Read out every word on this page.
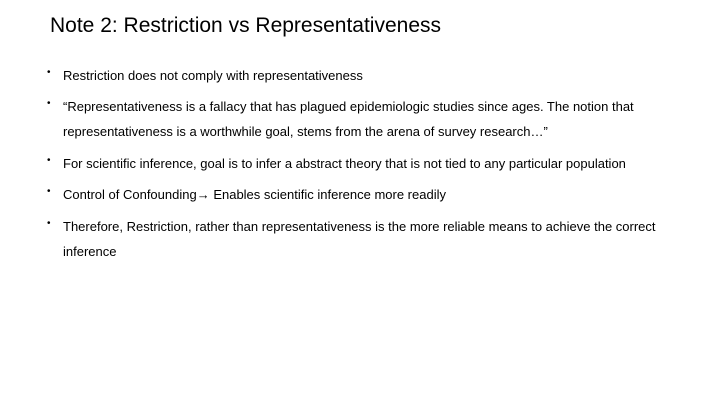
Note 2: Restriction vs Representativeness
• Restriction does not comply with representativeness
• “Representativeness is a fallacy that has plagued epidemiologic studies since ages. The notion that representativeness is a worthwhile goal, stems from the arena of survey research…”
• For scientific inference, goal is to infer a abstract theory that is not tied to any particular population
• Control of Confounding→ Enables scientific inference more readily
• Therefore, Restriction, rather than representativeness is the more reliable means to achieve the correct inference
